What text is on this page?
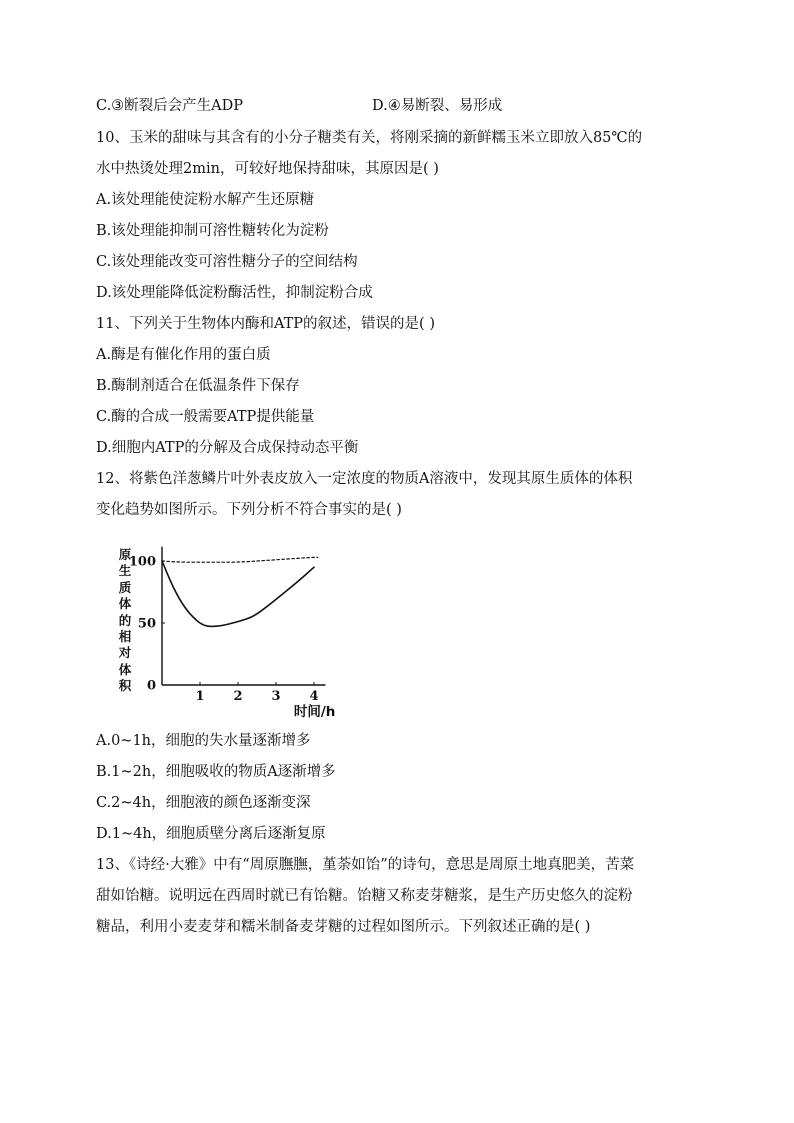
C.③断裂后会产生ADP	D.④易断裂、易形成
10、玉米的甜味与其含有的小分子糖类有关，将刚采摘的新鲜糯玉米立即放入85℃的
水中热烫处理2min，可较好地保持甜味，其原因是( )
A.该处理能使淀粉水解产生还原糖
B.该处理能抑制可溶性糖转化为淀粉
C.该处理能改变可溶性糖分子的空间结构
D.该处理能降低淀粉酶活性，抑制淀粉合成
11、下列关于生物体内酶和ATP的叙述，错误的是( )
A.酶是有催化作用的蛋白质
B.酶制剂适合在低温条件下保存
C.酶的合成一般需要ATP提供能量
D.细胞内ATP的分解及合成保持动态平衡
12、将紫色洋葱鳞片叶外表皮放入一定浓度的物质A溶液中，发现其原生质体的体积
变化趋势如图所示。下列分析不符合事实的是( )
原生质体的相对体积 0
50
100
1 2 3 4
时间/h
A.0~1h，细胞的失水量逐渐增多
B.1~2h，细胞吸收的物质A逐渐增多
C.2~4h，细胞液的颜色逐渐变深
D.1~4h，细胞质壁分离后逐渐复原
13、《诗经·大雅》中有“周原膴膴，堇荼如饴”的诗句，意思是周原土地真肥美，苦菜
甜如饴糖。说明远在西周时就已有饴糖。饴糖又称麦芽糖浆，是生产历史悠久的淀粉
糖品，利用小麦麦芽和糯米制备麦芽糖的过程如图所示。下列叙述正确的是( )
